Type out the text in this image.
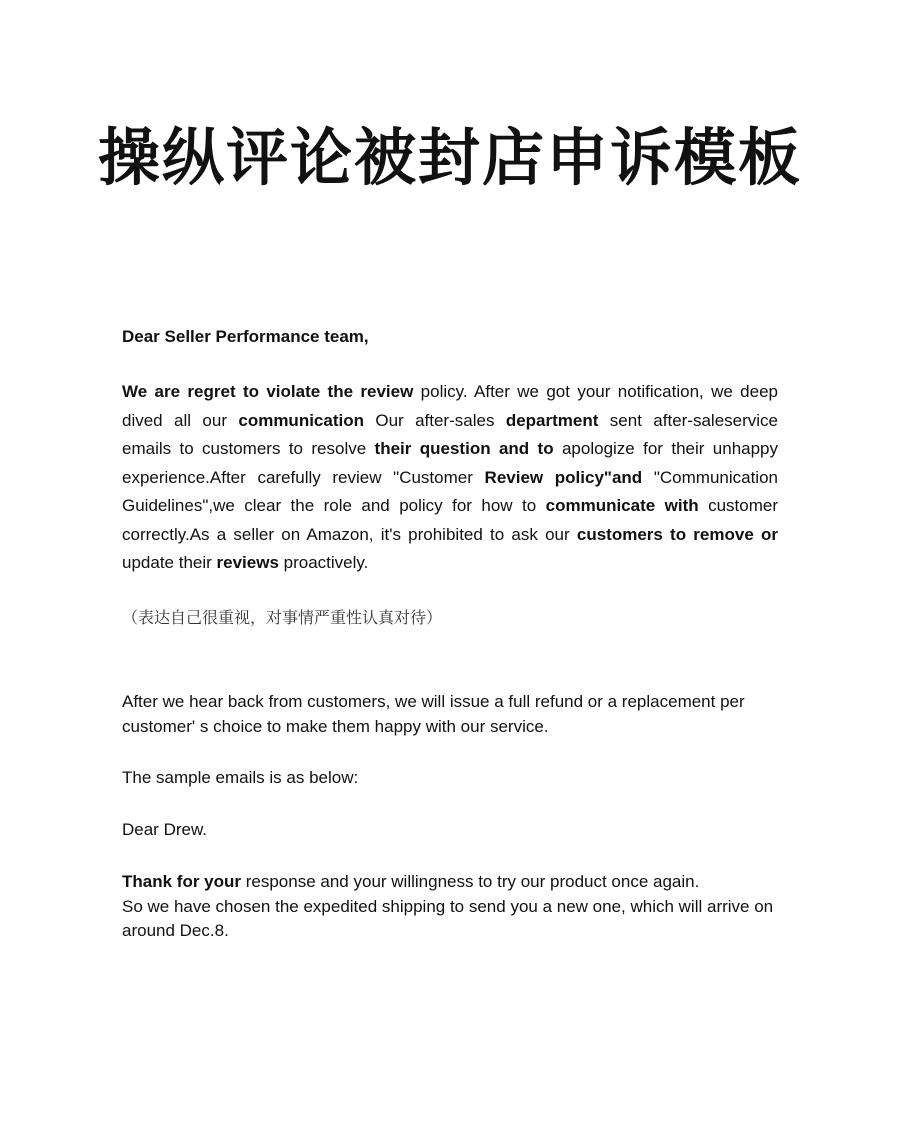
操纵评论被封店申诉模板

Dear Seller Performance team,

We are regret to violate the review policy. After we got your notification, we deep dived all our communication Our after-sales department sent after-saleservice emails to customers to resolve their question and to apologize for their unhappy experience.After carefully review "Customer Review policy"and "Communication Guidelines",we clear the role and policy for how to communicate with customer correctly.As a seller on Amazon, it's prohibited to ask our customers to remove or update their reviews proactively.

（表达自己很重视，对事情严重性认真对待）

After we hear back from customers, we will issue a full refund or a replacement per customer' s choice to make them happy with our service.

The sample emails is as below:

Dear Drew.

Thank for your response and your willingness to try our product once again.
So we have chosen the expedited shipping to send you a new one, which will arrive on around Dec.8.
